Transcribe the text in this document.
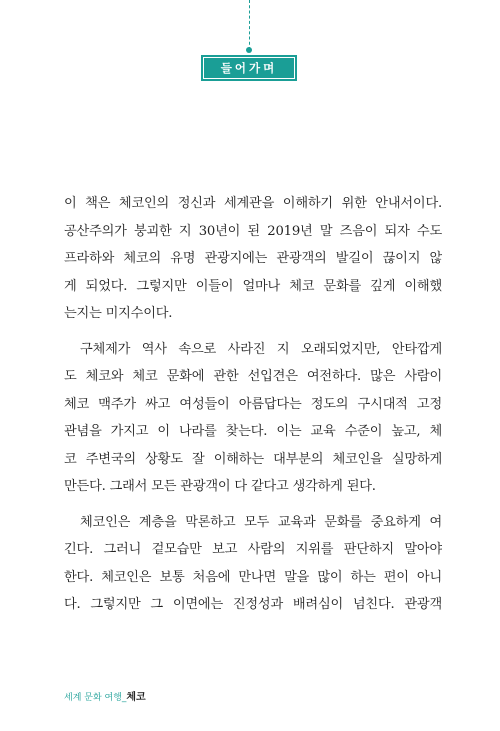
들어가며
이 책은 체코인의 정신과 세계관을 이해하기 위한 안내서이다.
공산주의가 붕괴한 지 30년이 된 2019년 말 즈음이 되자 수도
프라하와 체코의 유명 관광지에는 관광객의 발길이 끊이지 않
게 되었다. 그렇지만 이들이 얼마나 체코 문화를 깊게 이해했
는지는 미지수이다.
구체제가 역사 속으로 사라진 지 오래되었지만, 안타깝게
도 체코와 체코 문화에 관한 선입견은 여전하다. 많은 사람이
체코 맥주가 싸고 여성들이 아름답다는 정도의 구시대적 고정
관념을 가지고 이 나라를 찾는다. 이는 교육 수준이 높고, 체
코 주변국의 상황도 잘 이해하는 대부분의 체코인을 실망하게
만든다. 그래서 모든 관광객이 다 같다고 생각하게 된다.
체코인은 계층을 막론하고 모두 교육과 문화를 중요하게 여
긴다. 그러니 겉모습만 보고 사람의 지위를 판단하지 말아야
한다. 체코인은 보통 처음에 만나면 말을 많이 하는 편이 아니
다. 그렇지만 그 이면에는 진정성과 배려심이 넘친다. 관광객
세계 문화 여행_체코
